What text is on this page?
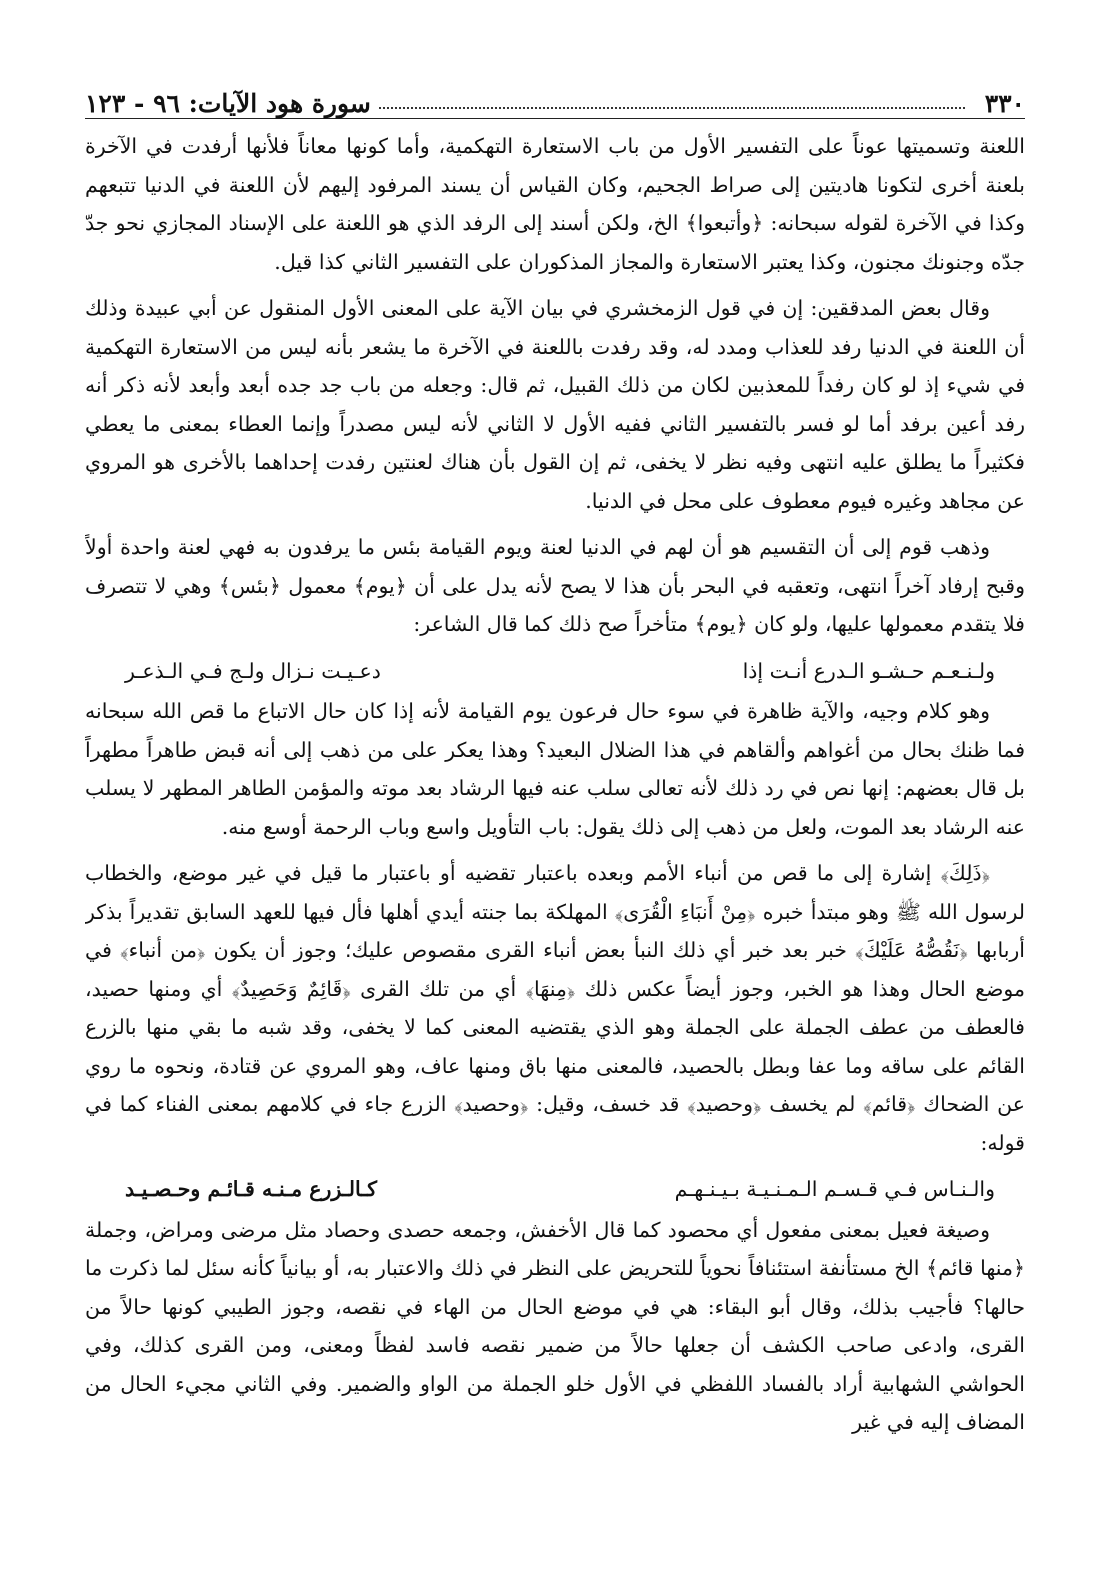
٣٣٠
سورة هود الآيات: ٩٦ - ١٢٣

اللعنة وتسميتها عوناً على التفسير الأول من باب الاستعارة التهكمية، وأما كونها معاناً فلأنها أرفدت في الآخرة بلعنة أخرى لتكونا هاديتين إلى صراط الجحيم، وكان القياس أن يسند المرفود إليهم لأن اللعنة في الدنيا تتبعهم وكذا في الآخرة لقوله سبحانه: ﴿وأتبعوا﴾ الخ، ولكن أسند إلى الرفد الذي هو اللعنة على الإسناد المجازي نحو جدّ جدّه وجنونك مجنون، وكذا يعتبر الاستعارة والمجاز المذكوران على التفسير الثاني كذا قيل.

وقال بعض المدققين: إن في قول الزمخشري في بيان الآية على المعنى الأول المنقول عن أبي عبيدة وذلك أن اللعنة في الدنيا رفد للعذاب ومدد له، وقد رفدت باللعنة في الآخرة ما يشعر بأنه ليس من الاستعارة التهكمية في شيء إذ لو كان رفداً للمعذبين لكان من ذلك القبيل، ثم قال: وجعله من باب جد جده أبعد وأبعد لأنه ذكر أنه رفد أعين برفد أما لو فسر بالتفسير الثاني ففيه الأول لا الثاني لأنه ليس مصدراً وإنما العطاء بمعنى ما يعطي فكثيراً ما يطلق عليه انتهى وفيه نظر لا يخفى، ثم إن القول بأن هناك لعنتين رفدت إحداهما بالأخرى هو المروي عن مجاهد وغيره فيوم معطوف على محل في الدنيا.

وذهب قوم إلى أن التقسيم هو أن لهم في الدنيا لعنة ويوم القيامة بئس ما يرفدون به فهي لعنة واحدة أولاً وقبح إرفاد آخراً انتهى، وتعقبه في البحر بأن هذا لا يصح لأنه يدل على أن ﴿يوم﴾ معمول ﴿بئس﴾ وهي لا تتصرف فلا يتقدم معمولها عليها، ولو كان ﴿يوم﴾ متأخراً صح ذلك كما قال الشاعر:

ولـنـعـم حـشـو الـدرع أنـت إذا
دعـيـت نـزال ولـج فـي الـذعـر

وهو كلام وجيه، والآية ظاهرة في سوء حال فرعون يوم القيامة لأنه إذا كان حال الاتباع ما قص الله سبحانه فما ظنك بحال من أغواهم وألقاهم في هذا الضلال البعيد؟ وهذا يعكر على من ذهب إلى أنه قبض طاهراً مطهراً بل قال بعضهم: إنها نص في رد ذلك لأنه تعالى سلب عنه فيها الرشاد بعد موته والمؤمن الطاهر المطهر لا يسلب عنه الرشاد بعد الموت، ولعل من ذهب إلى ذلك يقول: باب التأويل واسع وباب الرحمة أوسع منه.

﴿ذَلِكَ﴾ إشارة إلى ما قص من أنباء الأمم وبعده باعتبار تقضيه أو باعتبار ما قيل في غير موضع، والخطاب لرسول الله ﷺ وهو مبتدأ خبره ﴿مِنْ أَنبَاءِ الْقُرَى﴾ المهلكة بما جنته أيدي أهلها فأل فيها للعهد السابق تقديراً بذكر أربابها ﴿نَقُصُّهُ عَلَيْكَ﴾ خبر بعد خبر أي ذلك النبأ بعض أنباء القرى مقصوص عليك؛ وجوز أن يكون ﴿من أنباء﴾ في موضع الحال وهذا هو الخبر، وجوز أيضاً عكس ذلك ﴿مِنهَا﴾ أي من تلك القرى ﴿قَائِمٌ وَحَصِيدٌ﴾ أي ومنها حصيد، فالعطف من عطف الجملة على الجملة وهو الذي يقتضيه المعنى كما لا يخفى، وقد شبه ما بقي منها بالزرع القائم على ساقه وما عفا وبطل بالحصيد، فالمعنى منها باق ومنها عاف، وهو المروي عن قتادة، ونحوه ما روي عن الضحاك ﴿قائم﴾ لم يخسف ﴿وحصيد﴾ قد خسف، وقيل: ﴿وحصيد﴾ الزرع جاء في كلامهم بمعنى الفناء كما في قوله:

والـنـاس فـي قـسـم الـمـنـيـة بـيـنـهـم
كـالـزرع مـنـه قـائـم وحـصـيـد

وصيغة فعيل بمعنى مفعول أي محصود كما قال الأخفش، وجمعه حصدى وحصاد مثل مرضى ومراض، وجملة ﴿منها قائم﴾ الخ مستأنفة استئنافاً نحوياً للتحريض على النظر في ذلك والاعتبار به، أو بيانياً كأنه سئل لما ذكرت ما حالها؟ فأجيب بذلك، وقال أبو البقاء: هي في موضع الحال من الهاء في نقصه، وجوز الطيبي كونها حالاً من القرى، وادعى صاحب الكشف أن جعلها حالاً من ضمير نقصه فاسد لفظاً ومعنى، ومن القرى كذلك، وفي الحواشي الشهابية أراد بالفساد اللفظي في الأول خلو الجملة من الواو والضمير. وفي الثاني مجيء الحال من المضاف إليه في غير
